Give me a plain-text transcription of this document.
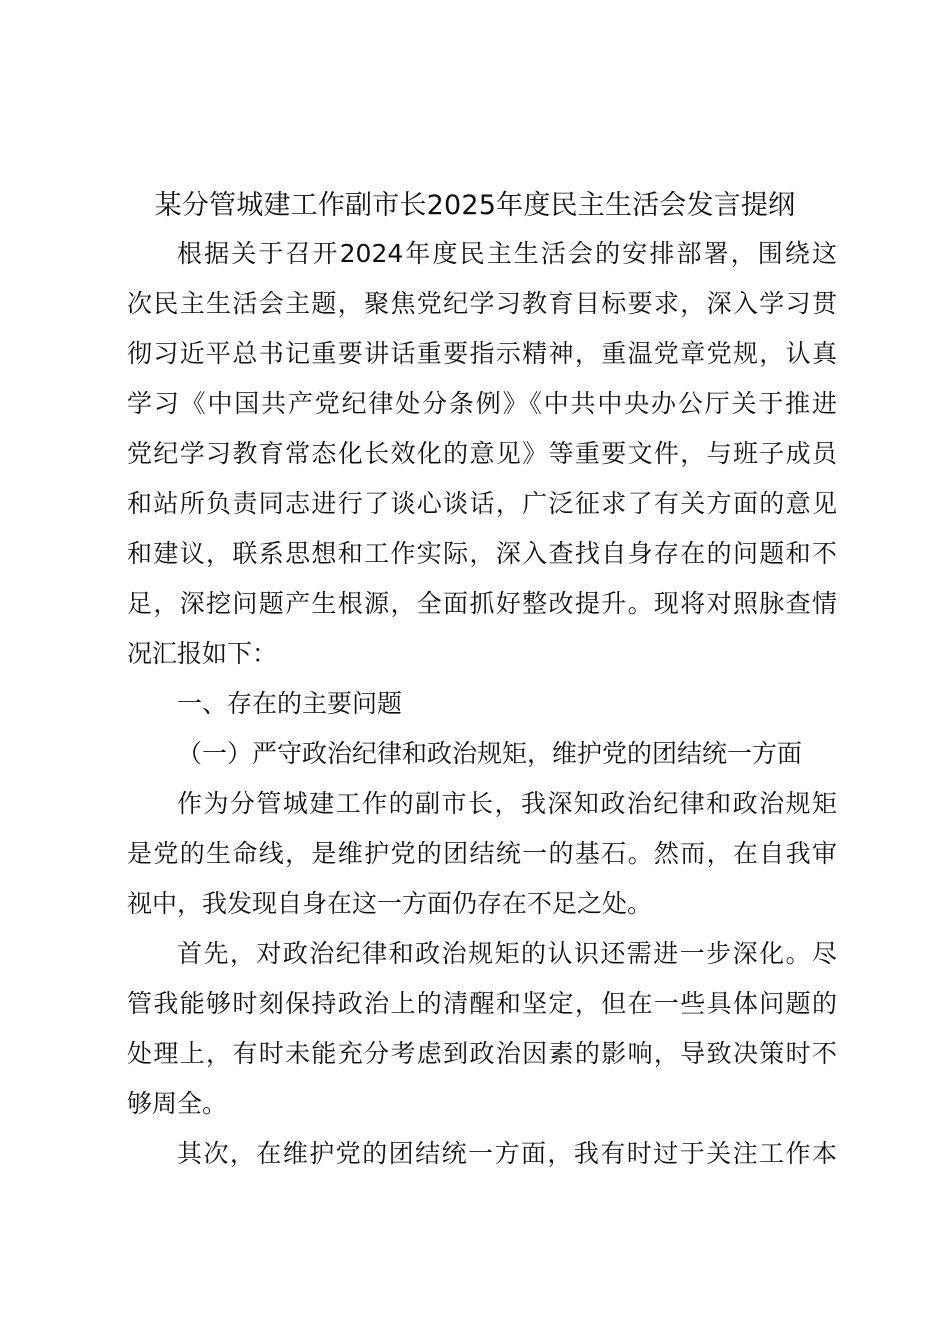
某分管城建工作副市长2025年度民主生活会发言提纲

根据关于召开2024年度民主生活会的安排部署，围绕这

次民主生活会主题，聚焦党纪学习教育目标要求，深入学习贯

彻习近平总书记重要讲话重要指示精神，重温党章党规，认真

学习《中国共产党纪律处分条例》《中共中央办公厅关于推进

党纪学习教育常态化长效化的意见》等重要文件，与班子成员

和站所负责同志进行了谈心谈话，广泛征求了有关方面的意见

和建议，联系思想和工作实际，深入查找自身存在的问题和不

足，深挖问题产生根源，全面抓好整改提升。现将对照脉查情

况汇报如下：

一、存在的主要问题

（一）严守政治纪律和政治规矩，维护党的团结统一方面

作为分管城建工作的副市长，我深知政治纪律和政治规矩

是党的生命线，是维护党的团结统一的基石。然而，在自我审

视中，我发现自身在这一方面仍存在不足之处。

首先，对政治纪律和政治规矩的认识还需进一步深化。尽

管我能够时刻保持政治上的清醒和坚定，但在一些具体问题的

处理上，有时未能充分考虑到政治因素的影响，导致决策时不

够周全。

其次，在维护党的团结统一方面，我有时过于关注工作本
